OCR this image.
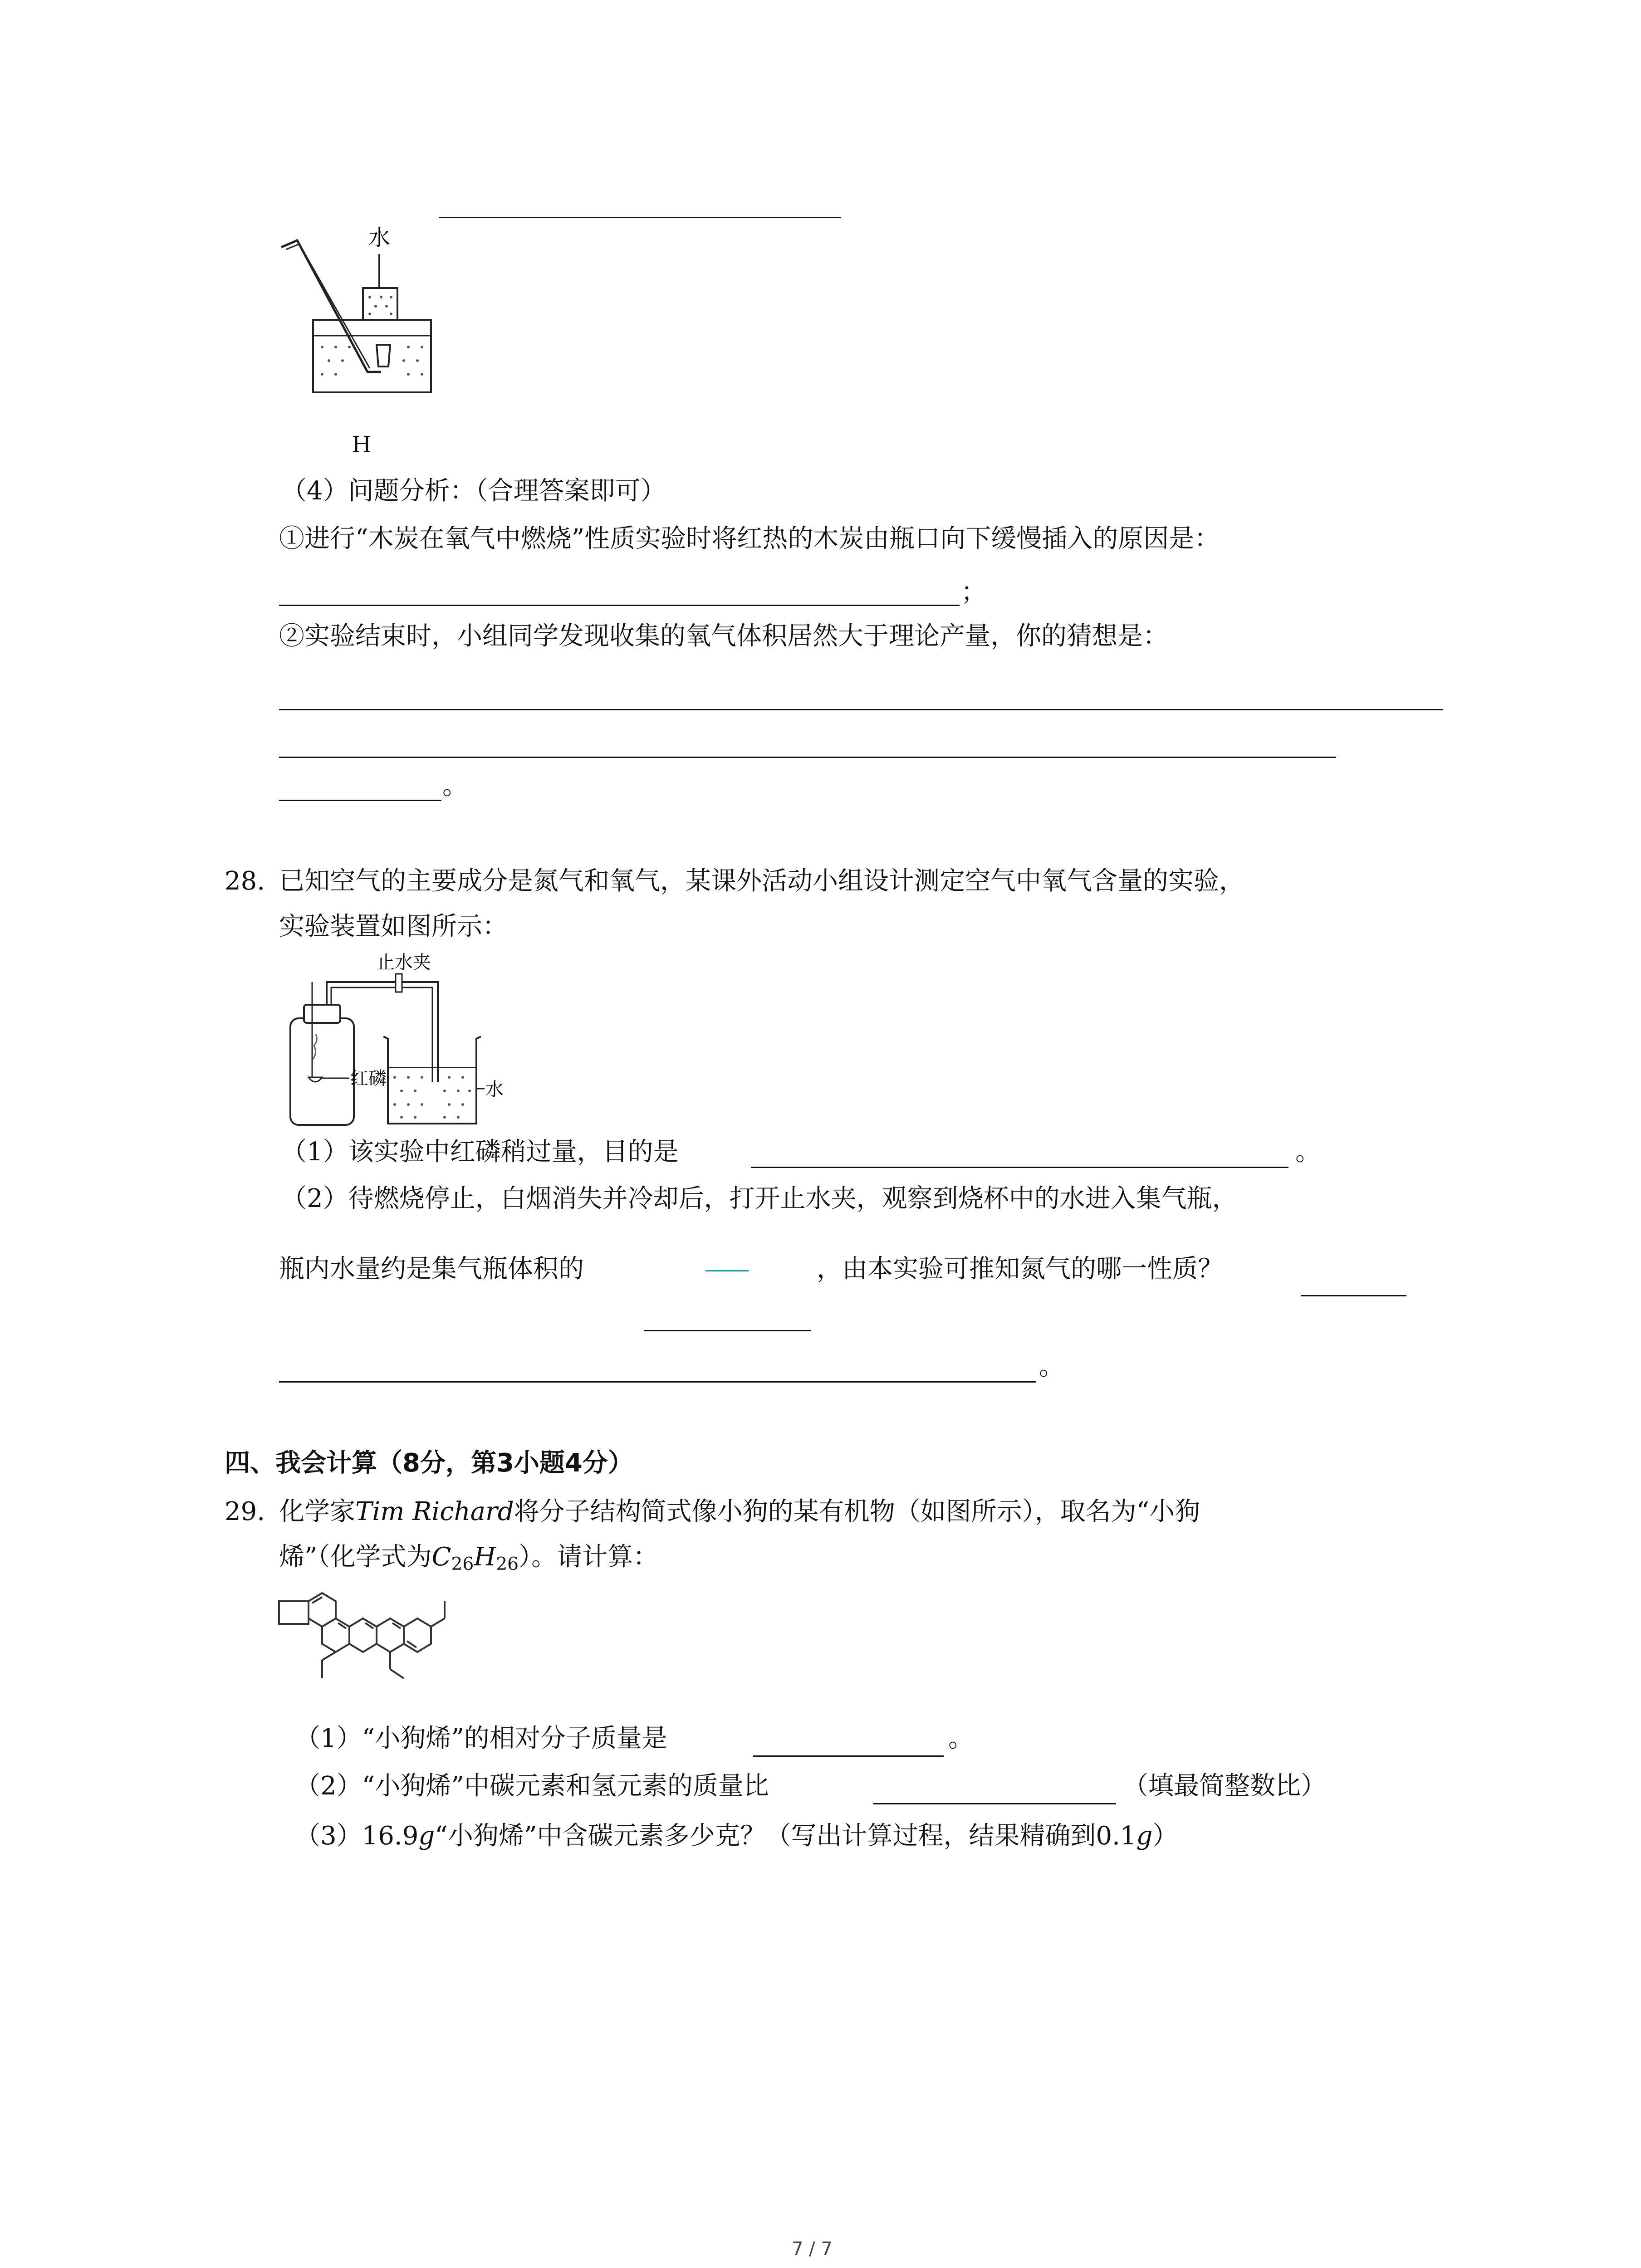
水
H
（4）问题分析：（合理答案即可）
①进行“木炭在氧气中燃烧”性质实验时将红热的木炭由瓶口向下缓慢插入的原因是：
；
②实验结束时，小组同学发现收集的氧气体积居然大于理论产量，你的猜想是：
。
28. 已知空气的主要成分是氮气和氧气，某课外活动小组设计测定空气中氧气含量的实验，
实验装置如图所示：
止水夹
红磷
水
（1）该实验中红磷稍过量，目的是	。
（2）待燃烧停止，白烟消失并冷却后，打开止水夹，观察到烧杯中的水进入集气瓶，
瓶内水量约是集气瓶体积的	，由本实验可推知氮气的哪一性质？
。
四、我会计算（8分，第3小题4分）
29. 化学家Tim Richard将分子结构简式像小狗的某有机物（如图所示），取名为“小狗
烯”（化学式为$C_{26}H_{26}$）。请计算：
（1）“小狗烯”的相对分子质量是	。
（2）“小狗烯”中碳元素和氢元素的质量比	（填最简整数比）
（3）16.9g“小狗烯”中含碳元素多少克？（写出计算过程，结果精确到0.1g）
7 / 7
